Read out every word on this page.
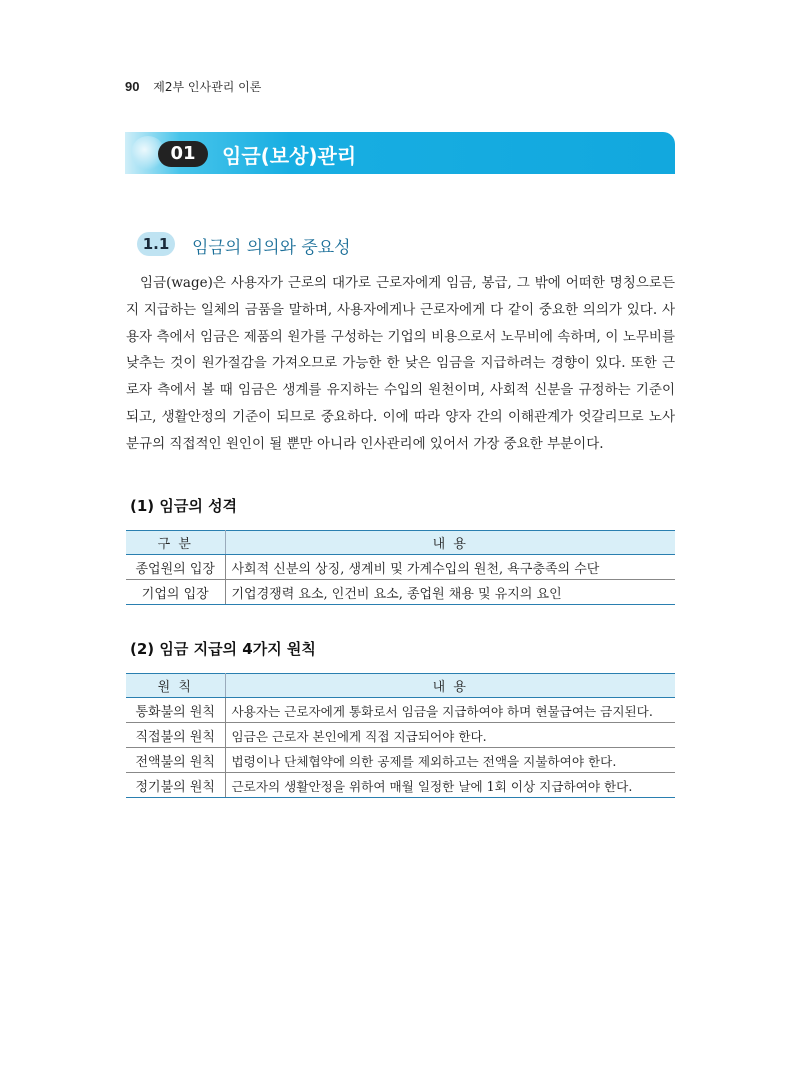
90 제2부 인사관리 이론
01	임금(보상)관리
1.1	임금의 의의와 중요성

임금(wage)은 사용자가 근로의 대가로 근로자에게 임금, 봉급, 그 밖에 어떠한 명칭으로든지 지급하는 일체의 금품을 말하며, 사용자에게나 근로자에게 다 같이 중요한 의의가 있다. 사용자 측에서 임금은 제품의 원가를 구성하는 기업의 비용으로서 노무비에 속하며, 이 노무비를 낮추는 것이 원가절감을 가져오므로 가능한 한 낮은 임금을 지급하려는 경향이 있다. 또한 근로자 측에서 볼 때 임금은 생계를 유지하는 수입의 원천이며, 사회적 신분을 규정하는 기준이 되고, 생활안정의 기준이 되므로 중요하다. 이에 따라 양자 간의 이해관계가 엇갈리므로 노사분규의 직접적인 원인이 될 뿐만 아니라 인사관리에 있어서 가장 중요한 부분이다.

(1) 임금의 성격
구 분	내 용
종업원의 입장	사회적 신분의 상징, 생계비 및 가계수입의 원천, 욕구충족의 수단
기업의 입장	기업경쟁력 요소, 인건비 요소, 종업원 채용 및 유지의 요인
(2) 임금 지급의 4가지 원칙
원 칙	내 용
통화불의 원칙	사용자는 근로자에게 통화로서 임금을 지급하여야 하며 현물급여는 금지된다.
직접불의 원칙	임금은 근로자 본인에게 직접 지급되어야 한다.
전액불의 원칙	법령이나 단체협약에 의한 공제를 제외하고는 전액을 지불하여야 한다.
정기불의 원칙	근로자의 생활안정을 위하여 매월 일정한 날에 1회 이상 지급하여야 한다.
